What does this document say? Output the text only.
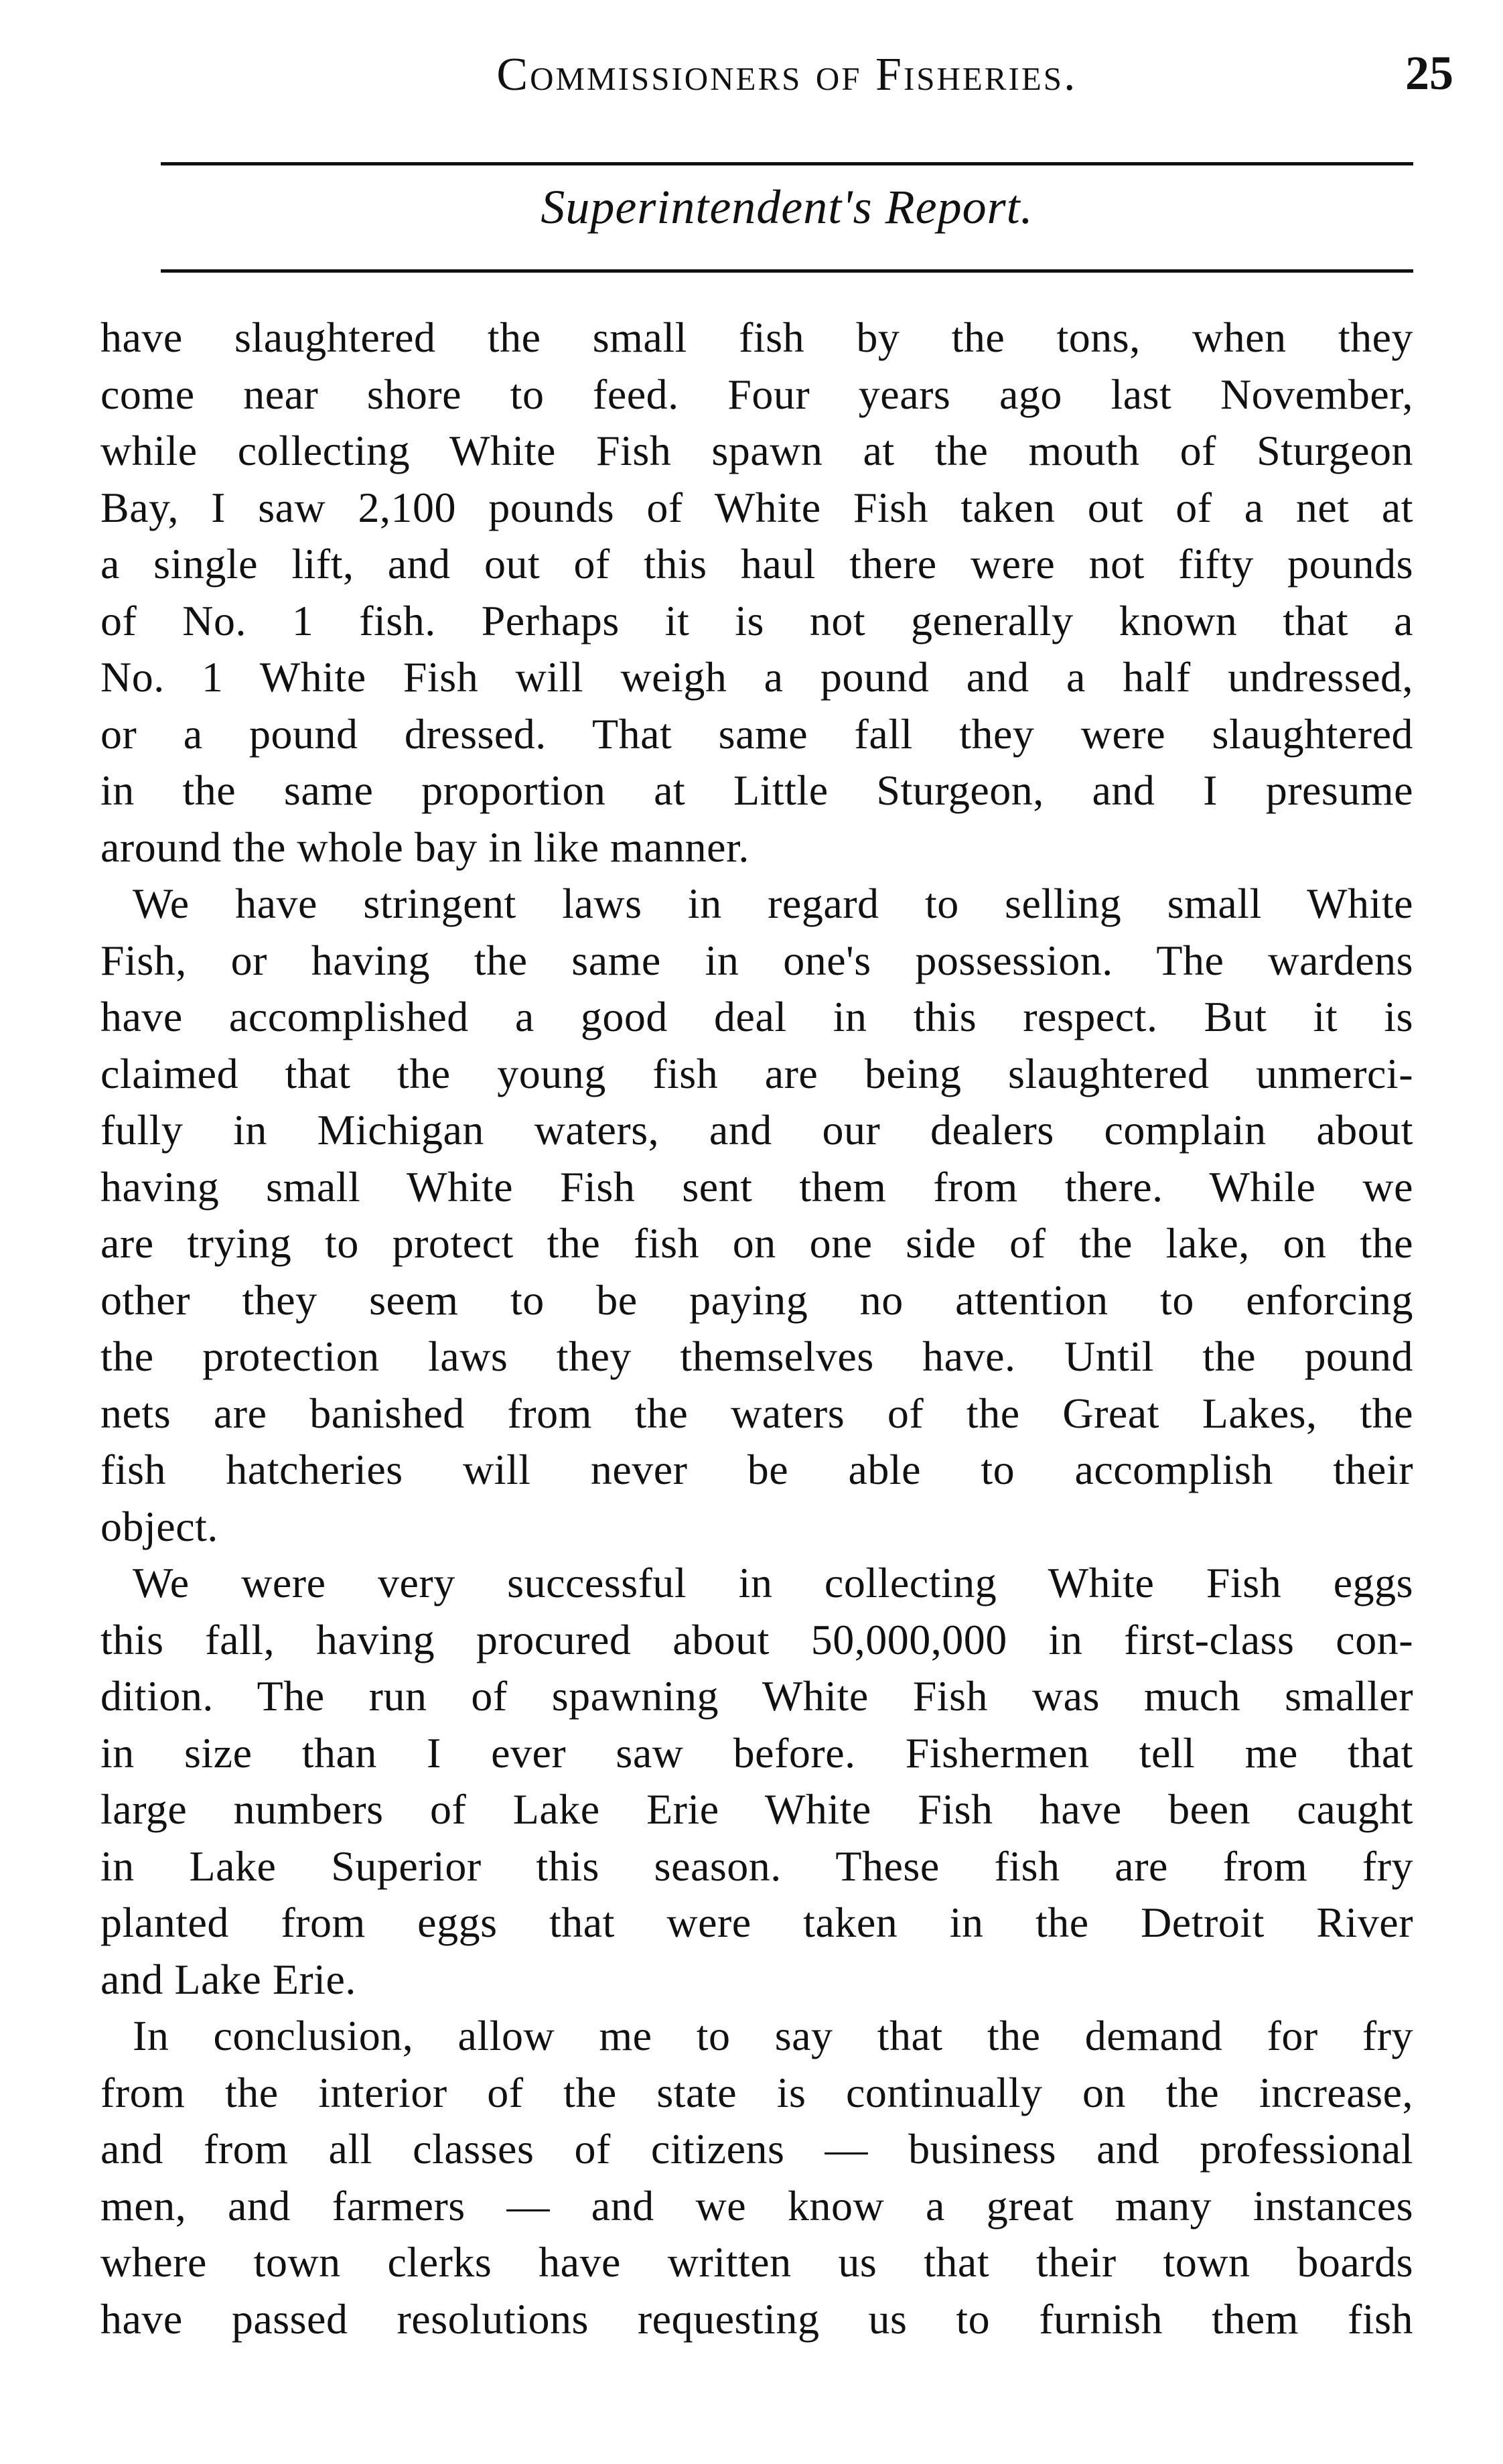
Commissioners of Fisheries.	25
Superintendent's Report.
have slaughtered the small fish by the tons, when they
come near shore to feed. Four years ago last November,
while collecting White Fish spawn at the mouth of Sturgeon
Bay, I saw 2,100 pounds of White Fish taken out of a net at
a single lift, and out of this haul there were not fifty pounds
of No. 1 fish. Perhaps it is not generally known that a
No. 1 White Fish will weigh a pound and a half undressed,
or a pound dressed. That same fall they were slaughtered
in the same proportion at Little Sturgeon, and I presume
around the whole bay in like manner.
We have stringent laws in regard to selling small White
Fish, or having the same in one's possession. The wardens
have accomplished a good deal in this respect. But it is
claimed that the young fish are being slaughtered unmerci-
fully in Michigan waters, and our dealers complain about
having small White Fish sent them from there. While we
are trying to protect the fish on one side of the lake, on the
other they seem to be paying no attention to enforcing
the protection laws they themselves have. Until the pound
nets are banished from the waters of the Great Lakes, the
fish hatcheries will never be able to accomplish their
object.
We were very successful in collecting White Fish eggs
this fall, having procured about 50,000,000 in first-class con-
dition. The run of spawning White Fish was much smaller
in size than I ever saw before. Fishermen tell me that
large numbers of Lake Erie White Fish have been caught
in Lake Superior this season. These fish are from fry
planted from eggs that were taken in the Detroit River
and Lake Erie.
In conclusion, allow me to say that the demand for fry
from the interior of the state is continually on the increase,
and from all classes of citizens — business and professional
men, and farmers — and we know a great many instances
where town clerks have written us that their town boards
have passed resolutions requesting us to furnish them fish
